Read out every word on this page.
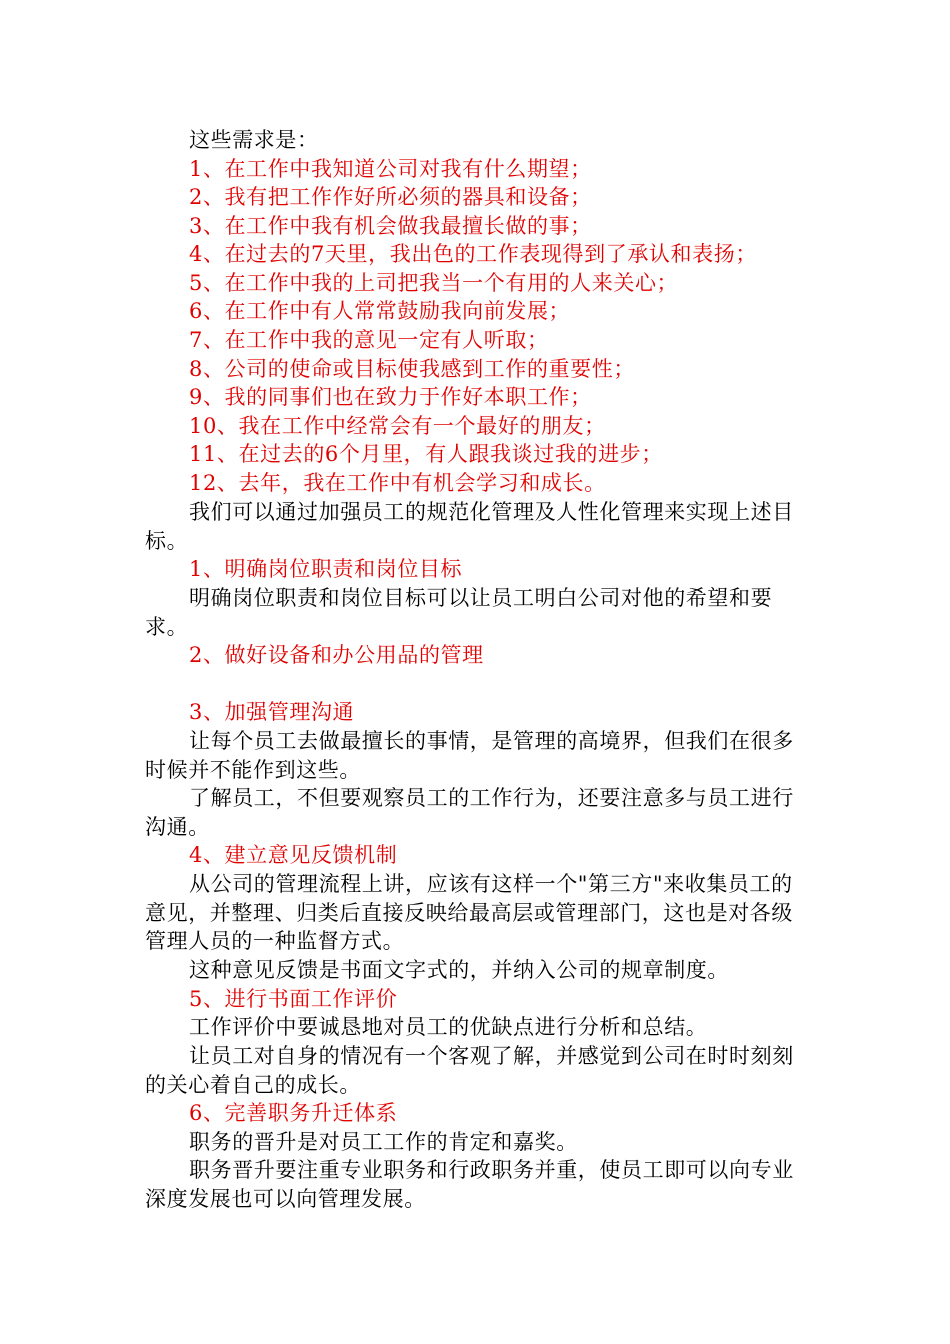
这些需求是：
1、在工作中我知道公司对我有什么期望；
2、我有把工作作好所必须的器具和设备；
3、在工作中我有机会做我最擅长做的事；
4、在过去的7天里，我出色的工作表现得到了承认和表扬；
5、在工作中我的上司把我当一个有用的人来关心；
6、在工作中有人常常鼓励我向前发展；
7、在工作中我的意见一定有人听取；
8、公司的使命或目标使我感到工作的重要性；
9、我的同事们也在致力于作好本职工作；
10、我在工作中经常会有一个最好的朋友；
11、在过去的6个月里，有人跟我谈过我的进步；
12、去年，我在工作中有机会学习和成长。
我们可以通过加强员工的规范化管理及人性化管理来实现上述目标。
1、明确岗位职责和岗位目标
明确岗位职责和岗位目标可以让员工明白公司对他的希望和要求。
2、做好设备和办公用品的管理
3、加强管理沟通
让每个员工去做最擅长的事情，是管理的高境界，但我们在很多时候并不能作到这些。
了解员工，不但要观察员工的工作行为，还要注意多与员工进行沟通。
4、建立意见反馈机制
从公司的管理流程上讲，应该有这样一个"第三方"来收集员工的意见，并整理、归类后直接反映给最高层或管理部门，这也是对各级管理人员的一种监督方式。
这种意见反馈是书面文字式的，并纳入公司的规章制度。
5、进行书面工作评价
工作评价中要诚恳地对员工的优缺点进行分析和总结。
让员工对自身的情况有一个客观了解，并感觉到公司在时时刻刻的关心着自己的成长。
6、完善职务升迁体系
职务的晋升是对员工工作的肯定和嘉奖。
职务晋升要注重专业职务和行政职务并重，使员工即可以向专业深度发展也可以向管理发展。
